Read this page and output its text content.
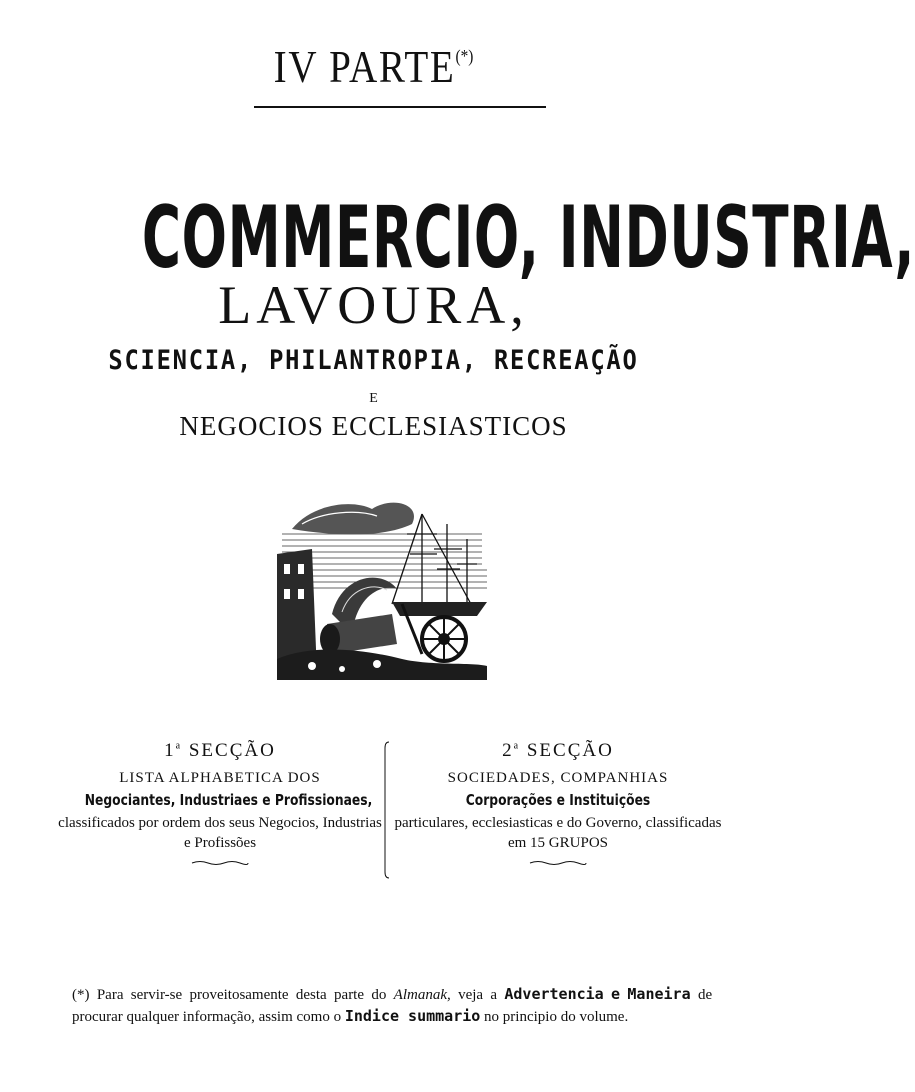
IV PARTE(*)
COMMERCIO, INDUSTRIA,
LAVOURA,
SCIENCIA, PHILANTROPIA, RECREAÇÃO
E
NEGOCIOS ECCLESIASTICOS
1$^a$ SECÇÃO
LISTA ALPHABETICA DOS
Negociantes, Industriaes e Profissionaes,
classificados por ordem dos seus Negocios, Industrias e Profissões
2$^a$ SECÇÃO
SOCIEDADES, COMPANHIAS
Corporações e Instituições
particulares, ecclesiasticas e do Governo, classificadas em 15 GRUPOS
(*) Para servir-se proveitosamente desta parte do Almanak, veja a Advertencia e Maneira de procurar qualquer informação, assim como o Indice summario no principio do volume.
